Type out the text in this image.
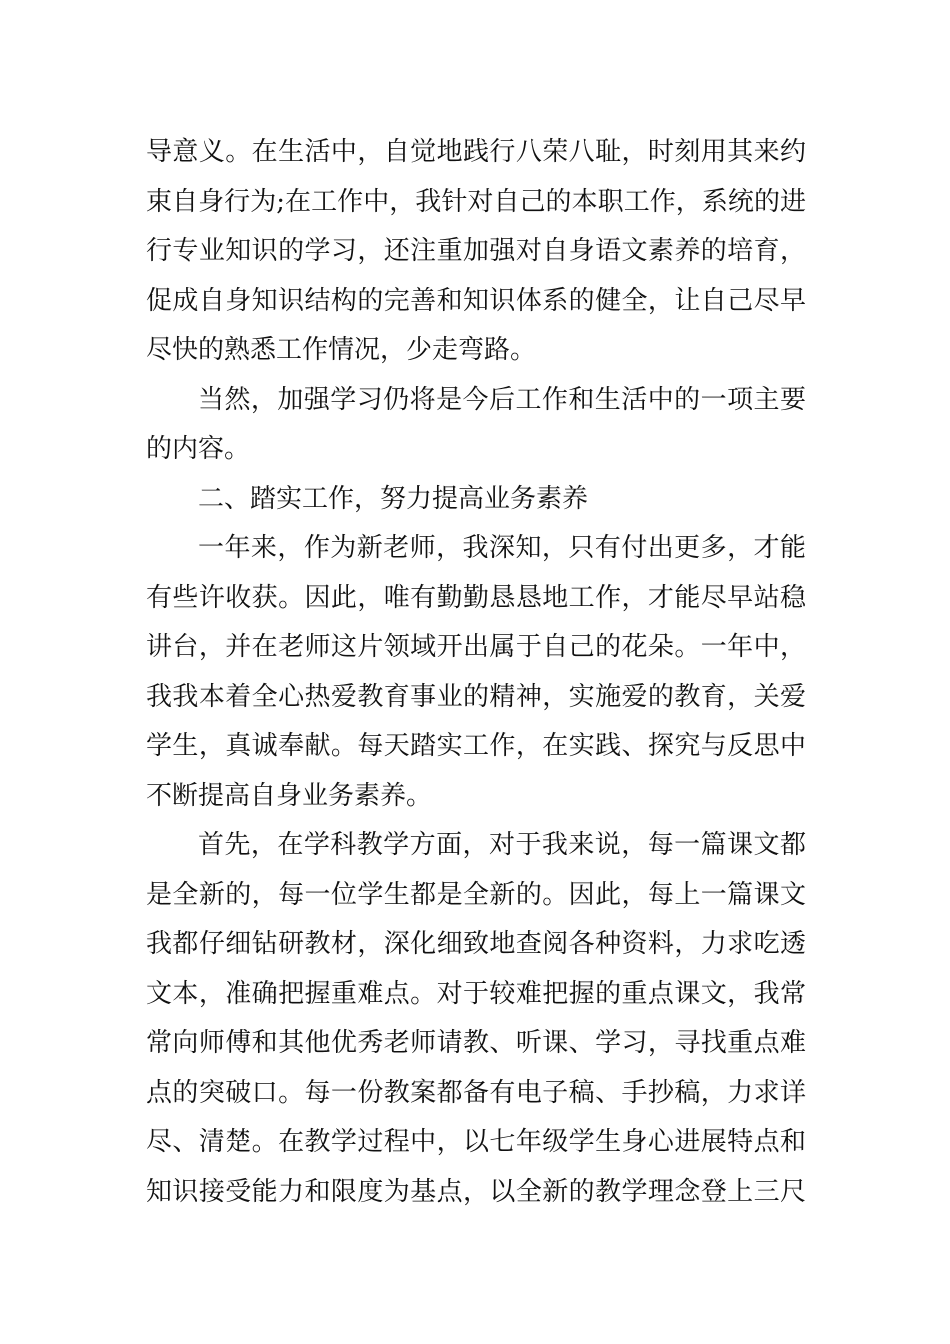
导意义。在生活中，自觉地践行八荣八耻，时刻用其来约
束自身行为;在工作中，我针对自己的本职工作，系统的进
行专业知识的学习，还注重加强对自身语文素养的培育，
促成自身知识结构的完善和知识体系的健全，让自己尽早
尽快的熟悉工作情况，少走弯路。
当然，加强学习仍将是今后工作和生活中的一项主要
的内容。
二、踏实工作，努力提高业务素养
一年来，作为新老师，我深知，只有付出更多，才能
有些许收获。因此，唯有勤勤恳恳地工作，才能尽早站稳
讲台，并在老师这片领域开出属于自己的花朵。一年中，
我我本着全心热爱教育事业的精神，实施爱的教育，关爱
学生，真诚奉献。每天踏实工作，在实践、探究与反思中
不断提高自身业务素养。
首先，在学科教学方面，对于我来说，每一篇课文都
是全新的，每一位学生都是全新的。因此，每上一篇课文
我都仔细钻研教材，深化细致地查阅各种资料，力求吃透
文本，准确把握重难点。对于较难把握的重点课文，我常
常向师傅和其他优秀老师请教、听课、学习，寻找重点难
点的突破口。每一份教案都备有电子稿、手抄稿，力求详
尽、清楚。在教学过程中，以七年级学生身心进展特点和
知识接受能力和限度为基点，以全新的教学理念登上三尺
